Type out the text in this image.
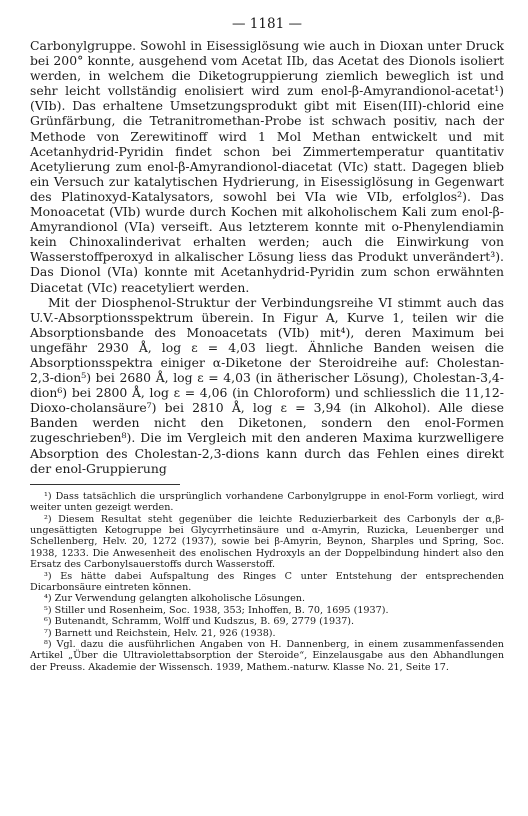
— 1181 —

Carbonylgruppe. Sowohl in Eisessiglösung wie auch in Dioxan unter Druck bei 200° konnte, ausgehend vom Acetat IIb, das Acetat des Dionols isoliert werden, in welchem die Diketogruppierung ziemlich beweglich ist und sehr leicht vollständig enolisiert wird zum enol-β-Amyrandionol-acetat¹) (VIb). Das erhaltene Umsetzungsprodukt gibt mit Eisen(III)-chlorid eine Grünfärbung, die Tetranitromethan-Probe ist schwach positiv, nach der Methode von Zerewitinoff wird 1 Mol Methan entwickelt und mit Acetanhydrid-Pyridin findet schon bei Zimmertemperatur quantitativ Acetylierung zum enol-β-Amyrandionol-diacetat (VIc) statt. Dagegen blieb ein Versuch zur katalytischen Hydrierung, in Eisessiglösung in Gegenwart des Platinoxyd-Katalysators, sowohl bei VIa wie VIb, erfolglos²). Das Monoacetat (VIb) wurde durch Kochen mit alkoholischem Kali zum enol-β-Amyrandionol (VIa) verseift. Aus letzterem konnte mit o-Phenylendiamin kein Chinoxalinderivat erhalten werden; auch die Einwirkung von Wasserstoffperoxyd in alkalischer Lösung liess das Produkt unverändert³). Das Dionol (VIa) konnte mit Acetanhydrid-Pyridin zum schon erwähnten Diacetat (VIc) reacetyliert werden.

Mit der Diosphenol-Struktur der Verbindungsreihe VI stimmt auch das U.V.-Absorptionsspektrum überein. In Figur A, Kurve 1, teilen wir die Absorptionsbande des Monoacetats (VIb) mit⁴), deren Maximum bei ungefähr 2930 Å, log ε = 4,03 liegt. Ähnliche Banden weisen die Absorptionsspektra einiger α-Diketone der Steroidreihe auf: Cholestan-2,3-dion⁵) bei 2680 Å, log ε = 4,03 (in ätherischer Lösung), Cholestan-3,4-dion⁶) bei 2800 Å, log ε = 4,06 (in Chloroform) und schliesslich die 11,12-Dioxo-cholansäure⁷) bei 2810 Å, log ε = 3,94 (in Alkohol). Alle diese Banden werden nicht den Diketonen, sondern den enol-Formen zugeschrieben⁸). Die im Vergleich mit den anderen Maxima kurzwelligere Absorption des Cholestan-2,3-dions kann durch das Fehlen eines direkt der enol-Gruppierung

¹) Dass tatsächlich die ursprünglich vorhandene Carbonylgruppe in enol-Form vorliegt, wird weiter unten gezeigt werden.
²) Diesem Resultat steht gegenüber die leichte Reduzierbarkeit des Carbonyls der α,β-ungesättigten Ketogruppe bei Glycyrrhetinsäure und α-Amyrin, Ruzicka, Leuenberger und Schellenberg, Helv. 20, 1272 (1937), sowie bei β-Amyrin, Beynon, Sharples und Spring, Soc. 1938, 1233. Die Anwesenheit des enolischen Hydroxyls an der Doppelbindung hindert also den Ersatz des Carbonylsauerstoffs durch Wasserstoff.
³) Es hätte dabei Aufspaltung des Ringes C unter Entstehung der entsprechenden Dicarbonsäure eintreten können.
⁴) Zur Verwendung gelangten alkoholische Lösungen.
⁵) Stiller und Rosenheim, Soc. 1938, 353; Inhoffen, B. 70, 1695 (1937).
⁶) Butenandt, Schramm, Wolff und Kudszus, B. 69, 2779 (1937).
⁷) Barnett und Reichstein, Helv. 21, 926 (1938).
⁸) Vgl. dazu die ausführlichen Angaben von H. Dannenberg, in einem zusammenfassenden Artikel „Über die Ultraviolettabsorption der Steroide“, Einzelausgabe aus den Abhandlungen der Preuss. Akademie der Wissensch. 1939, Mathem.-naturw. Klasse No. 21, Seite 17.
